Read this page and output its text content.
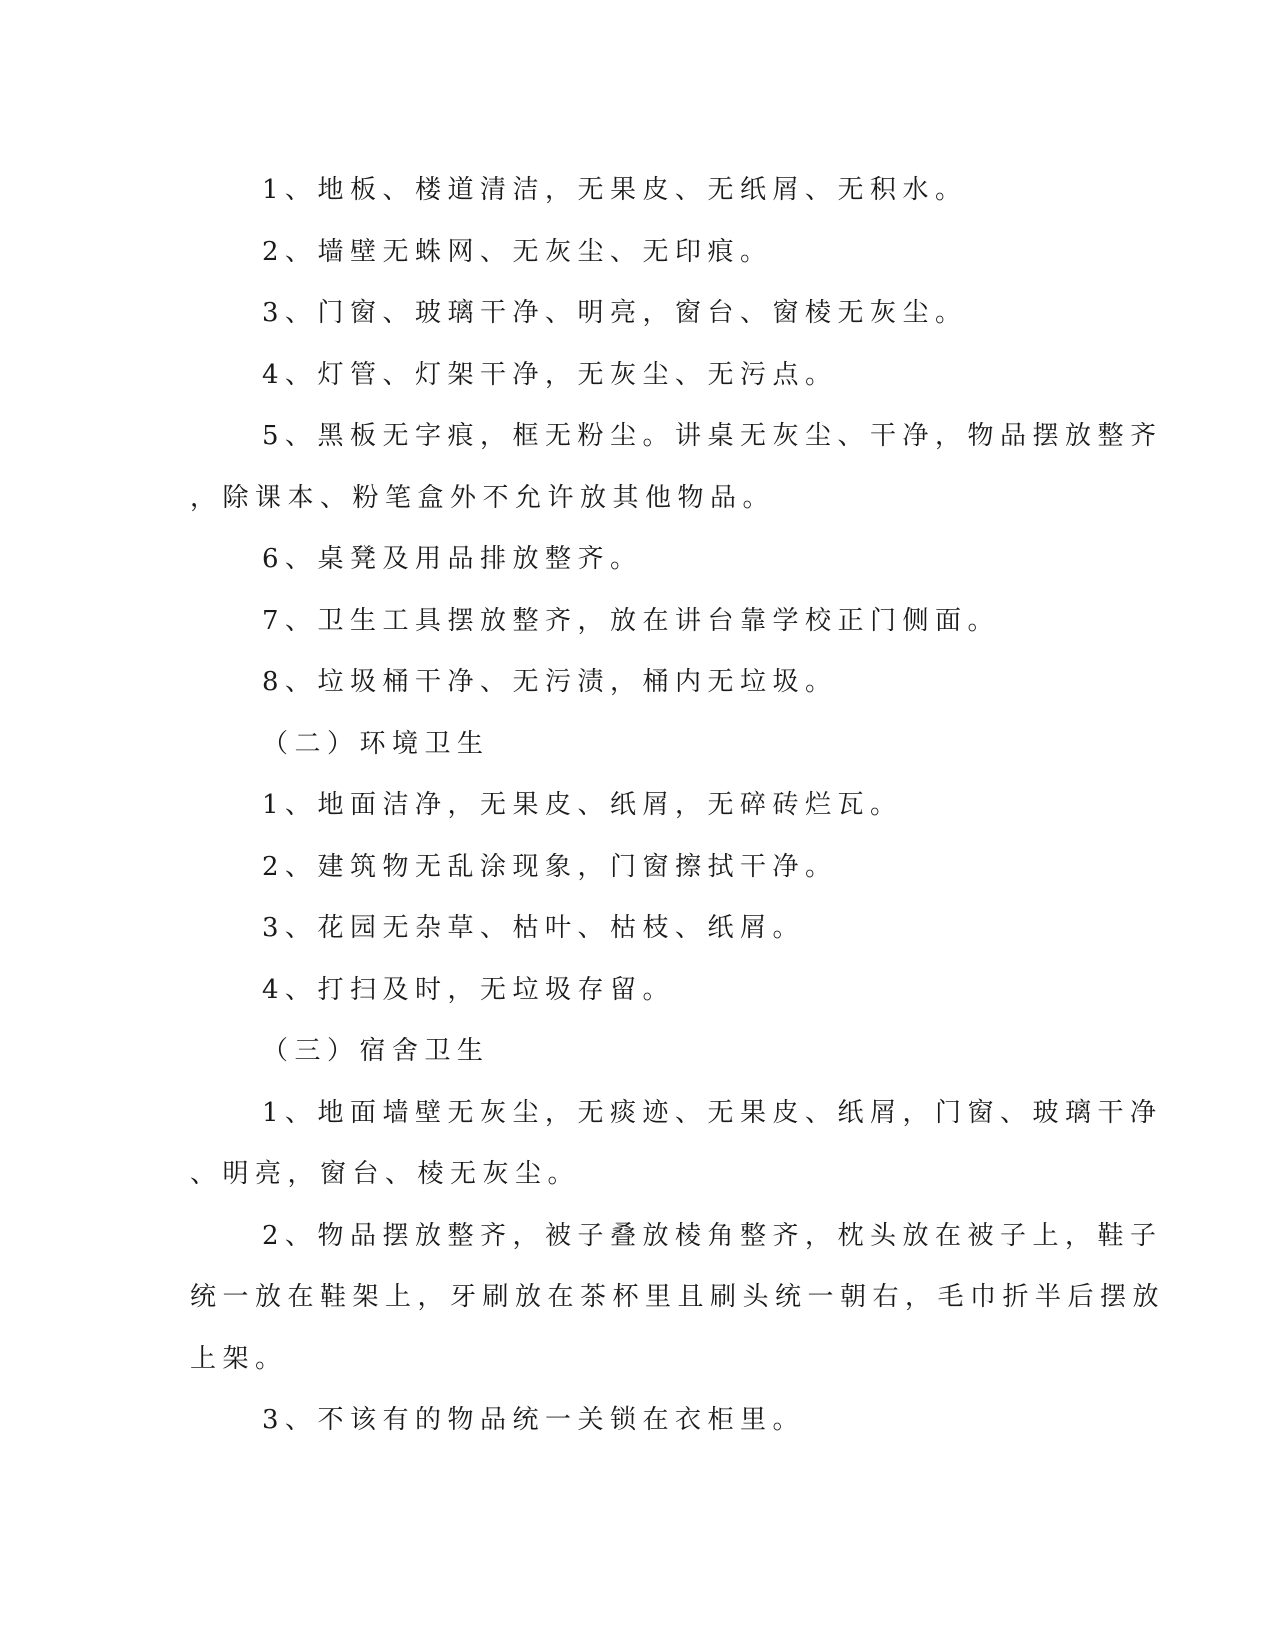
1、地板、楼道清洁，无果皮、无纸屑、无积水。
2、墙壁无蛛网、无灰尘、无印痕。
3、门窗、玻璃干净、明亮，窗台、窗棱无灰尘。
4、灯管、灯架干净，无灰尘、无污点。
5、黑板无字痕，框无粉尘。讲桌无灰尘、干净，物品摆放整齐
，除课本、粉笔盒外不允许放其他物品。
6、桌凳及用品排放整齐。
7、卫生工具摆放整齐，放在讲台靠学校正门侧面。
8、垃圾桶干净、无污渍，桶内无垃圾。
（二）环境卫生
1、地面洁净，无果皮、纸屑，无碎砖烂瓦。
2、建筑物无乱涂现象，门窗擦拭干净。
3、花园无杂草、枯叶、枯枝、纸屑。
4、打扫及时，无垃圾存留。
（三）宿舍卫生
1、地面墙壁无灰尘，无痰迹、无果皮、纸屑，门窗、玻璃干净
、明亮，窗台、棱无灰尘。
2、物品摆放整齐，被子叠放棱角整齐，枕头放在被子上，鞋子
统一放在鞋架上，牙刷放在茶杯里且刷头统一朝右，毛巾折半后摆放
上架。
3、不该有的物品统一关锁在衣柜里。
